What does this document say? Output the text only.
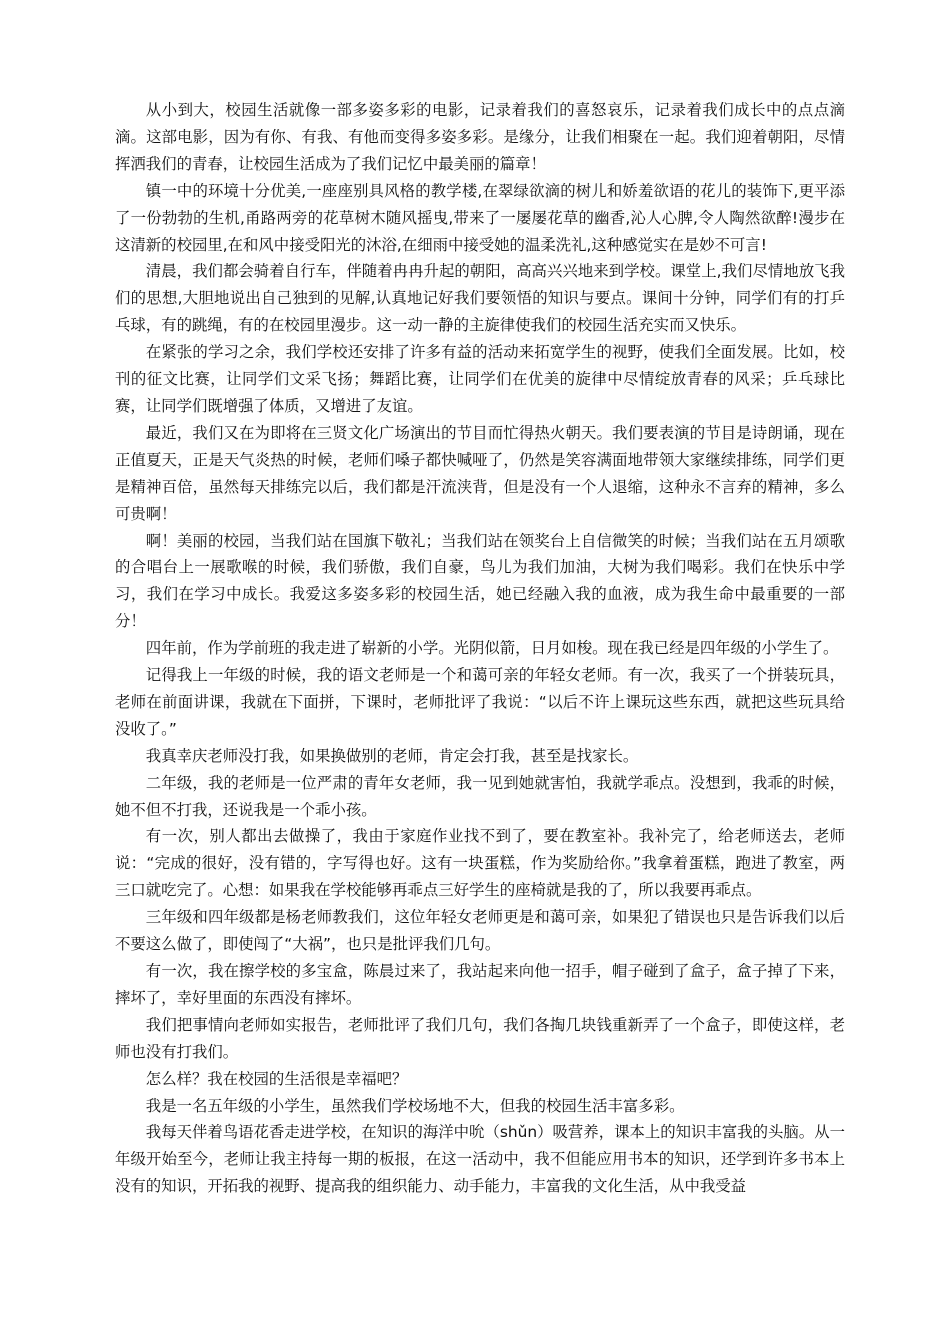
从小到大，校园生活就像一部多姿多彩的电影，记录着我们的喜怒哀乐，记录着我们成长中的点点滴滴。这部电影，因为有你、有我、有他而变得多姿多彩。是缘分，让我们相聚在一起。我们迎着朝阳，尽情挥洒我们的青春，让校园生活成为了我们记忆中最美丽的篇章！

镇一中的环境十分优美,一座座别具风格的教学楼,在翠绿欲滴的树儿和娇羞欲语的花儿的装饰下,更平添了一份勃勃的生机,甬路两旁的花草树木随风摇曳,带来了一屡屡花草的幽香,沁人心脾,令人陶然欲醉!漫步在这清新的校园里,在和风中接受阳光的沐浴,在细雨中接受她的温柔洗礼,这种感觉实在是妙不可言!

清晨，我们都会骑着自行车，伴随着冉冉升起的朝阳，高高兴兴地来到学校。课堂上,我们尽情地放飞我们的思想,大胆地说出自己独到的见解,认真地记好我们要领悟的知识与要点。课间十分钟，同学们有的打乒乓球，有的跳绳，有的在校园里漫步。这一动一静的主旋律使我们的校园生活充实而又快乐。

在紧张的学习之余，我们学校还安排了许多有益的活动来拓宽学生的视野，使我们全面发展。比如，校刊的征文比赛，让同学们文采飞扬；舞蹈比赛，让同学们在优美的旋律中尽情绽放青春的风采；乒乓球比赛，让同学们既增强了体质，又增进了友谊。

最近，我们又在为即将在三贤文化广场演出的节目而忙得热火朝天。我们要表演的节目是诗朗诵，现在正值夏天，正是天气炎热的时候，老师们嗓子都快喊哑了，仍然是笑容满面地带领大家继续排练，同学们更是精神百倍，虽然每天排练完以后，我们都是汗流浃背，但是没有一个人退缩，这种永不言弃的精神，多么可贵啊！

啊！美丽的校园，当我们站在国旗下敬礼；当我们站在领奖台上自信微笑的时候；当我们站在五月颂歌的合唱台上一展歌喉的时候，我们骄傲，我们自豪，鸟儿为我们加油，大树为我们喝彩。我们在快乐中学习，我们在学习中成长。我爱这多姿多彩的校园生活，她已经融入我的血液，成为我生命中最重要的一部分！

四年前，作为学前班的我走进了崭新的小学。光阴似箭，日月如梭。现在我已经是四年级的小学生了。

记得我上一年级的时候，我的语文老师是一个和蔼可亲的年轻女老师。有一次，我买了一个拼装玩具，老师在前面讲课，我就在下面拼，下课时，老师批评了我说：“以后不许上课玩这些东西，就把这些玩具给没收了。”

我真幸庆老师没打我，如果换做别的老师，肯定会打我，甚至是找家长。

二年级，我的老师是一位严肃的青年女老师，我一见到她就害怕，我就学乖点。没想到，我乖的时候，她不但不打我，还说我是一个乖小孩。

有一次，别人都出去做操了，我由于家庭作业找不到了，要在教室补。我补完了，给老师送去，老师说：“完成的很好，没有错的，字写得也好。这有一块蛋糕，作为奖励给你。”我拿着蛋糕，跑进了教室，两三口就吃完了。心想：如果我在学校能够再乖点三好学生的座椅就是我的了，所以我要再乖点。

三年级和四年级都是杨老师教我们，这位年轻女老师更是和蔼可亲，如果犯了错误也只是告诉我们以后不要这么做了，即使闯了“大祸”，也只是批评我们几句。

有一次，我在擦学校的多宝盒，陈晨过来了，我站起来向他一招手，帽子碰到了盒子，盒子掉了下来，摔坏了，幸好里面的东西没有摔坏。

我们把事情向老师如实报告，老师批评了我们几句，我们各掏几块钱重新弄了一个盒子，即使这样，老师也没有打我们。

怎么样？我在校园的生活很是幸福吧？

我是一名五年级的小学生，虽然我们学校场地不大，但我的校园生活丰富多彩。

我每天伴着鸟语花香走进学校，在知识的海洋中吮（shǔn）吸营养，课本上的知识丰富我的头脑。从一年级开始至今，老师让我主持每一期的板报，在这一活动中，我不但能应用书本的知识，还学到许多书本上没有的知识，开拓我的视野、提高我的组织能力、动手能力，丰富我的文化生活，从中我受益
